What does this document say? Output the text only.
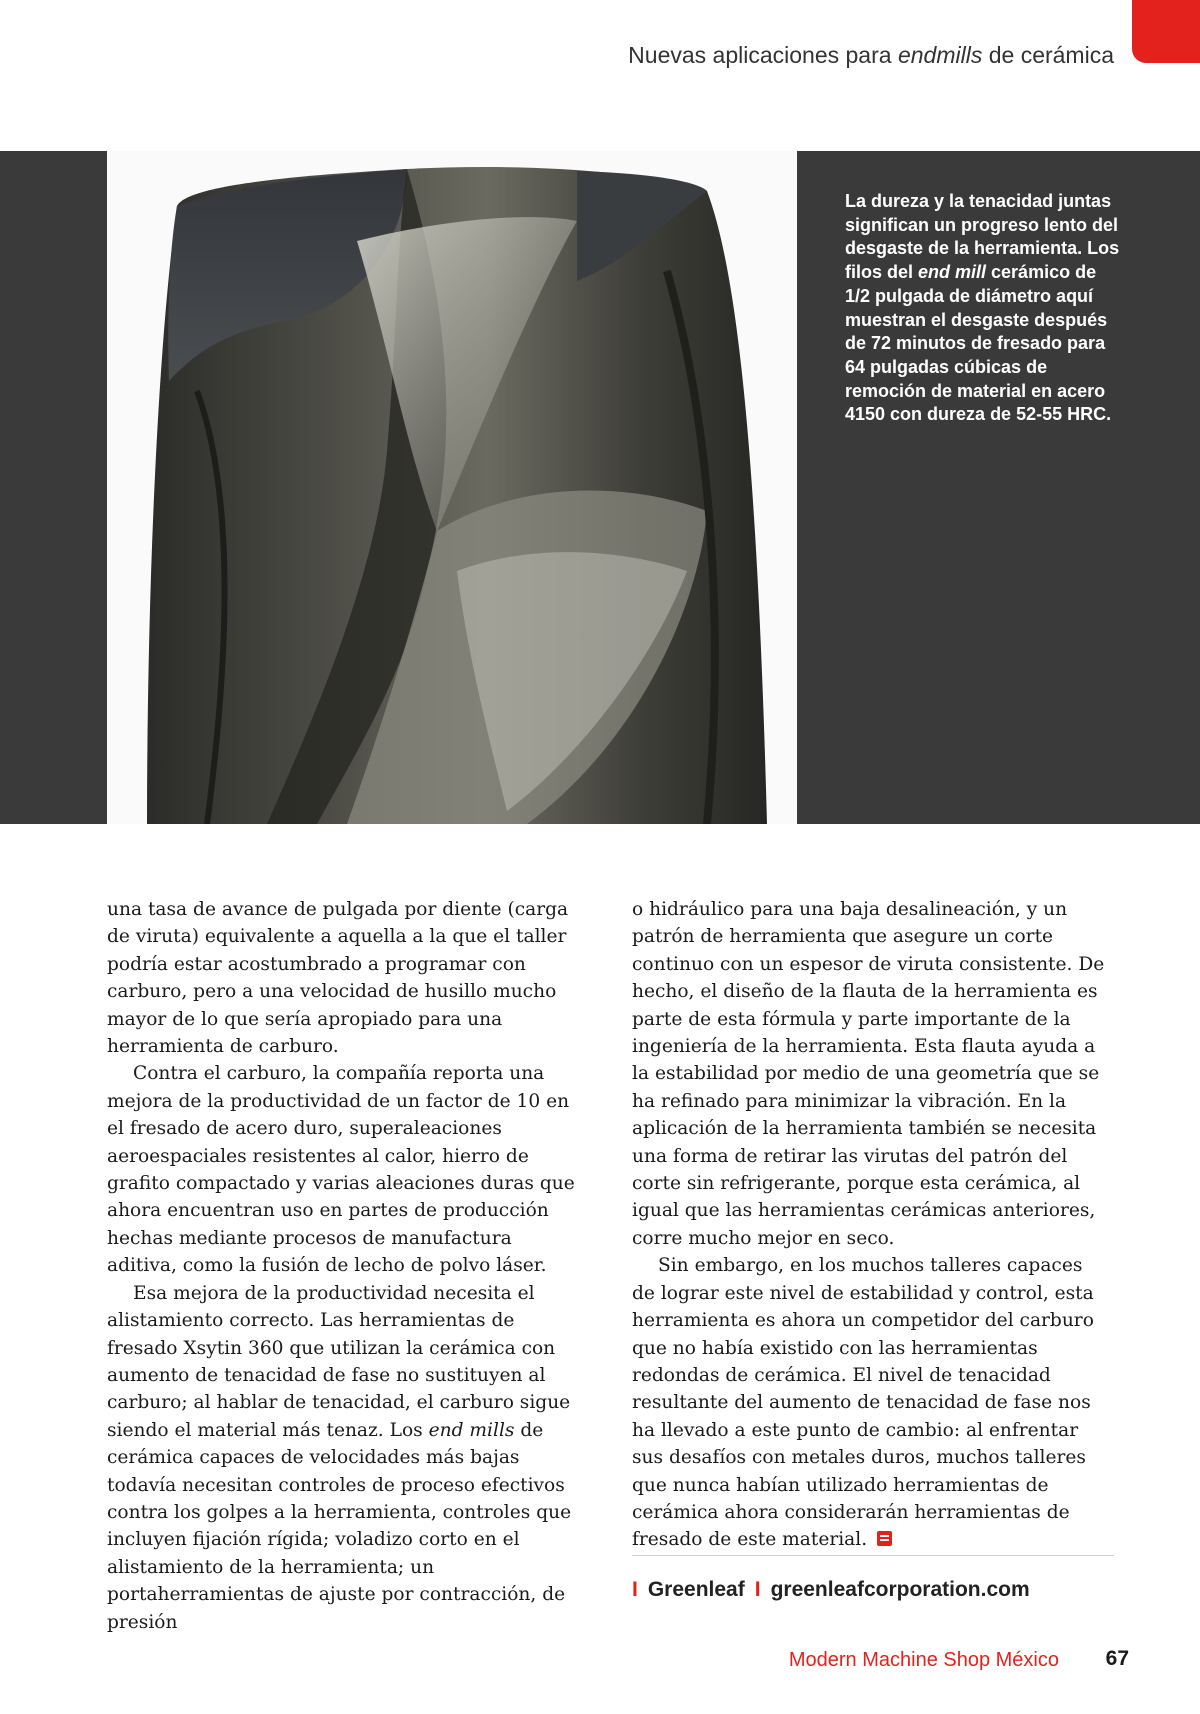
Nuevas aplicaciones para endmills de cerámica
La dureza y la tenacidad juntas significan un progreso lento del desgaste de la herramienta. Los filos del end mill cerámico de 1/2 pulgada de diámetro aquí muestran el desgaste después de 72 minutos de fresado para 64 pulgadas cúbicas de remoción de material en acero 4150 con dureza de 52-55 HRC.

una tasa de avance de pulgada por diente (carga de viruta) equivalente a aquella a la que el taller podría estar acostumbrado a programar con carburo, pero a una velocidad de husillo mucho mayor de lo que sería apropiado para una herramienta de carburo.

Contra el carburo, la compañía reporta una mejora de la productividad de un factor de 10 en el fresado de acero duro, superaleaciones aeroespaciales resistentes al calor, hierro de grafito compactado y varias aleaciones duras que ahora encuentran uso en partes de producción hechas mediante procesos de manufactura aditiva, como la fusión de lecho de polvo láser.

Esa mejora de la productividad necesita el alistamiento correcto. Las herramientas de fresado Xsytin 360 que utilizan la cerámica con aumento de tenacidad de fase no sustituyen al carburo; al hablar de tenacidad, el carburo sigue siendo el material más tenaz. Los end mills de cerámica capaces de velocidades más bajas todavía necesitan controles de proceso efectivos contra los golpes a la herramienta, controles que incluyen fijación rígida; voladizo corto en el alistamiento de la herramienta; un portaherramientas de ajuste por contracción, de presión

o hidráulico para una baja desalineación, y un patrón de herramienta que asegure un corte continuo con un espesor de viruta consistente. De hecho, el diseño de la flauta de la herramienta es parte de esta fórmula y parte importante de la ingeniería de la herramienta. Esta flauta ayuda a la estabilidad por medio de una geometría que se ha refinado para minimizar la vibración. En la aplicación de la herramienta también se necesita una forma de retirar las virutas del patrón del corte sin refrigerante, porque esta cerámica, al igual que las herramientas cerámicas anteriores, corre mucho mejor en seco.

Sin embargo, en los muchos talleres capaces de lograr este nivel de estabilidad y control, esta herramienta es ahora un competidor del carburo que no había existido con las herramientas redondas de cerámica. El nivel de tenacidad resultante del aumento de tenacidad de fase nos ha llevado a este punto de cambio: al enfrentar sus desafíos con metales duros, muchos talleres que nunca habían utilizado herramientas de cerámica ahora considerarán herramientas de fresado de este material.

I Greenleaf I greenleafcorporation.com
Modern Machine Shop México 67
